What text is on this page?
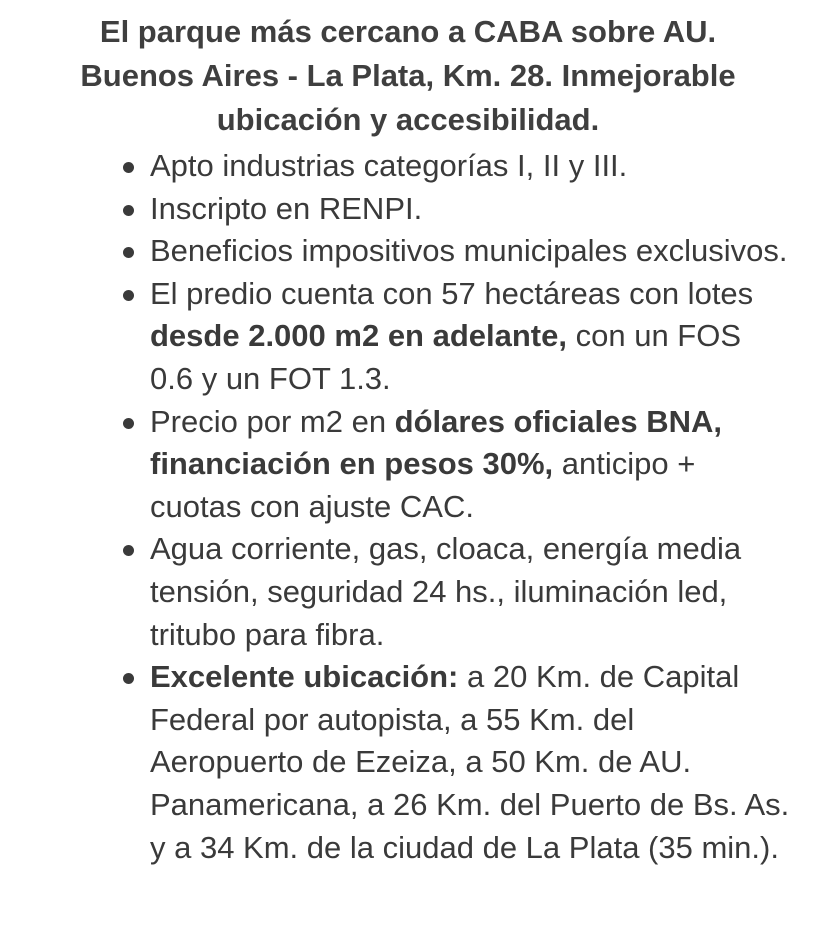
El parque más cercano a CABA sobre AU.
Buenos Aires - La Plata, Km. 28. Inmejorable
ubicación y accesibilidad.
Apto industrias categorías I, II y III.
Inscripto en RENPI.
Beneficios impositivos municipales exclusivos.
El predio cuenta con 57 hectáreas con lotes desde 2.000 m2 en adelante, con un FOS 0.6 y un FOT 1.3.
Precio por m2 en dólares oficiales BNA, financiación en pesos 30%, anticipo + cuotas con ajuste CAC.
Agua corriente, gas, cloaca, energía media tensión, seguridad 24 hs., iluminación led, tritubo para fibra.
Excelente ubicación: a 20 Km. de Capital Federal por autopista, a 55 Km. del Aeropuerto de Ezeiza, a 50 Km. de AU. Panamericana, a 26 Km. del Puerto de Bs. As. y a 34 Km. de la ciudad de La Plata (35 min.).
